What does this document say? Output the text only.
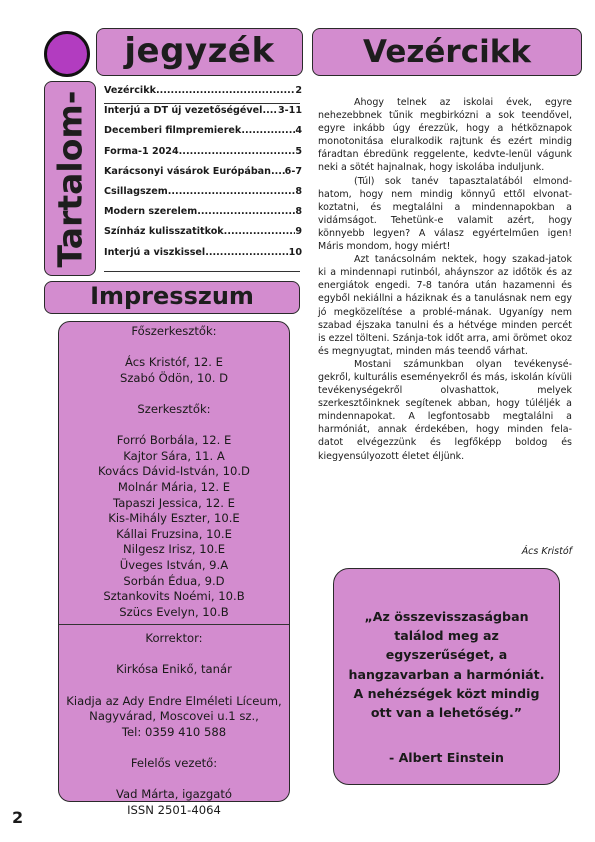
jegyzék	Vezércikk
Tartalom- Vezércikk .....	2
Interjú a DT új vezetőségével ..... 3-11
Decemberi filmpremierek .....	4
Forma-1 2024 .....	5
Karácsonyi vásárok Európában ..... 6-7
Csillagszem .....	8
Modern szerelem .....	8
Színház kulisszatitkok .....	9
Interjú a viszkissel .....	10
Impresszum
Főszerkesztők:
Ács Kristóf, 12. E
Szabó Ödön, 10. D
Szerkesztők:
Forró Borbála, 12. E
Kajtor Sára, 11. A
Kovács Dávid-István, 10.D
Molnár Mária, 12. E
Tapaszi Jessica, 12. E
Kis-Mihály Eszter, 10.E
Kállai Fruzsina, 10.E
Nilgesz Irisz, 10.E
Üveges István, 9.A
Sorbán Édua, 9.D
Sztankovits Noémi, 10.B
Szücs Evelyn, 10.B
Korrektor:
Kirkósa Enikő, tanár
Kiadja az Ady Endre Elméleti Líceum,
Nagyvárad, Moscovei u.1 sz.,
Tel: 0359 410 588
Felelős vezető:
Vad Márta, igazgató
ISSN 2501-4064

Ahogy telnek az iskolai évek, egyre nehezebbnek tűnik megbirkózni a sok teendővel, egyre inkább úgy érezzük, hogy a hétköznapok monotonitása eluralkodik rajtunk és ezért mindig fáradtan ébredünk reggelente, kedvte-lenül vágunk neki a sötét hajnalnak, hogy iskolába induljunk.

(Túl) sok tanév tapasztalatából elmond-hatom, hogy nem mindig könnyű ettől elvonat-koztatni, és megtalálni a mindennapokban a vidámságot. Tehetünk-e valamit azért, hogy könnyebb legyen? A válasz egyértelműen igen! Máris mondom, hogy miért!

Azt tanácsolnám nektek, hogy szakad-jatok ki a mindennapi rutinból, aháynszor az időtök és az energiátok engedi. 7-8 tanóra után hazamenni és egyből nekiállni a háziknak és a tanulásnak nem egy jó megközelítése a problé-mának. Ugyanígy nem szabad éjszaka tanulni és a hétvége minden percét is ezzel tölteni. Szánja-tok időt arra, ami örömet okoz és megnyugtat, minden más teendő várhat.

Mostani számunkban olyan tevékenysé-gekről, kulturális eseményekről és más, iskolán kívüli tevékenységekről olvashattok, melyek szerkesztőinknek segítenek abban, hogy túléljék a mindennapokat. A legfontosabb megtalálni a harmóniát, annak érdekében, hogy minden fela-datot elvégezzünk és legfőképp boldog és kiegyensúlyozott életet éljünk.

Ács Kristóf
„Az összevisszaságban találod meg az egyszerűséget, a hangzavarban a harmóniát. A nehézségek közt mindig ott van a lehetőség.”
- Albert Einstein
2
